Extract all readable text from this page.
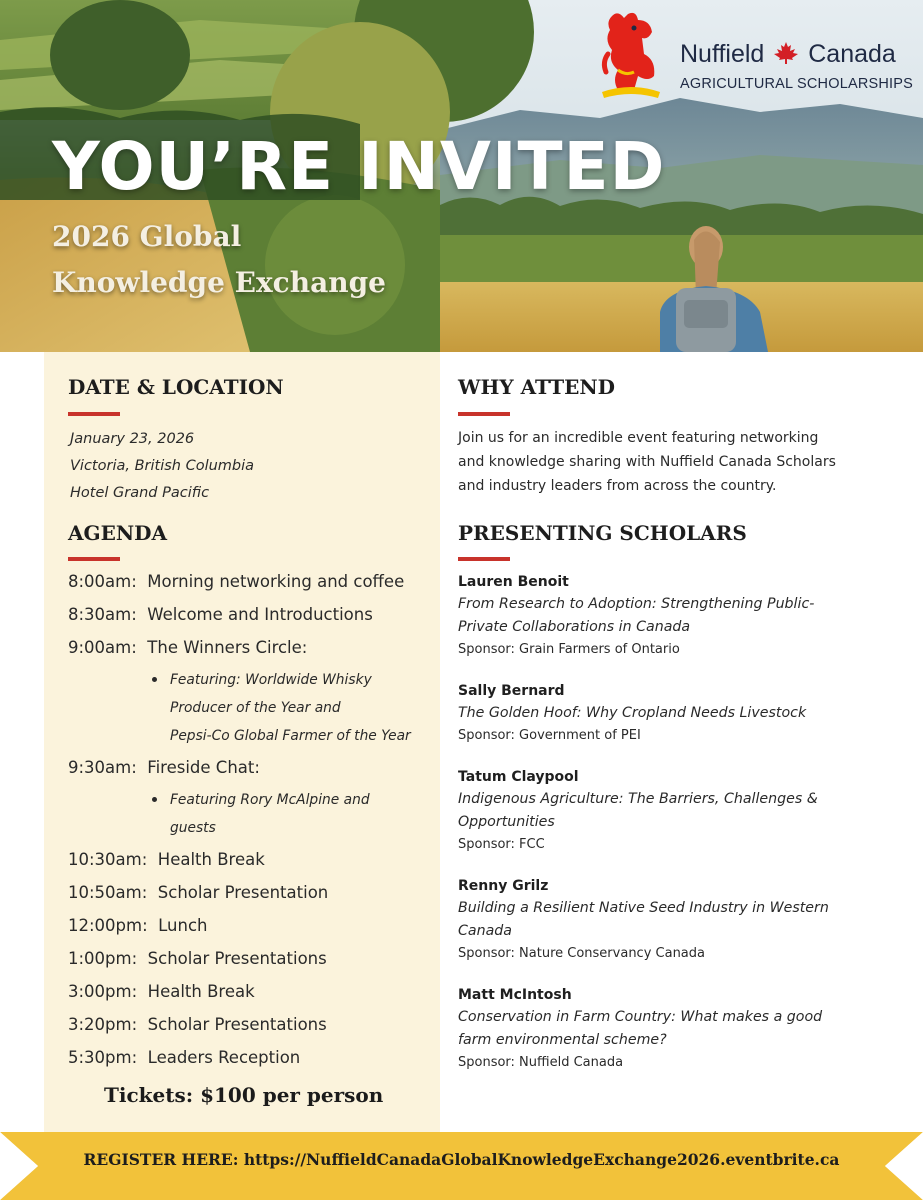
YOU’RE INVITED
2026 Global
Knowledge Exchange
Nuffield Canada
AGRICULTURAL SCHOLARSHIPS
DATE & LOCATION
January 23, 2026
Victoria, British Columbia
Hotel Grand Pacific
AGENDA
8:00am: Morning networking and coffee
8:30am: Welcome and Introductions
9:00am: The Winners Circle:
Featuring: Worldwide Whisky
Producer of the Year and
Pepsi-Co Global Farmer of the Year
9:30am: Fireside Chat:
Featuring Rory McAlpine and
guests
10:30am: Health Break
10:50am: Scholar Presentation
12:00pm: Lunch
1:00pm: Scholar Presentations
3:00pm: Health Break
3:20pm: Scholar Presentations
5:30pm: Leaders Reception
Tickets: $100 per person
WHY ATTEND
Join us for an incredible event featuring networking
and knowledge sharing with Nuffield Canada Scholars
and industry leaders from across the country.
PRESENTING SCHOLARS
Lauren Benoit
From Research to Adoption: Strengthening Public-
Private Collaborations in Canada
Sponsor: Grain Farmers of Ontario
Sally Bernard
The Golden Hoof: Why Cropland Needs Livestock
Sponsor: Government of PEI
Tatum Claypool
Indigenous Agriculture: The Barriers, Challenges &
Opportunities
Sponsor: FCC
Renny Grilz
Building a Resilient Native Seed Industry in Western
Canada
Sponsor: Nature Conservancy Canada
Matt McIntosh
Conservation in Farm Country: What makes a good
farm environmental scheme?
Sponsor: Nuffield Canada
REGISTER HERE: https://NuffieldCanadaGlobalKnowledgeExchange2026.eventbrite.ca
